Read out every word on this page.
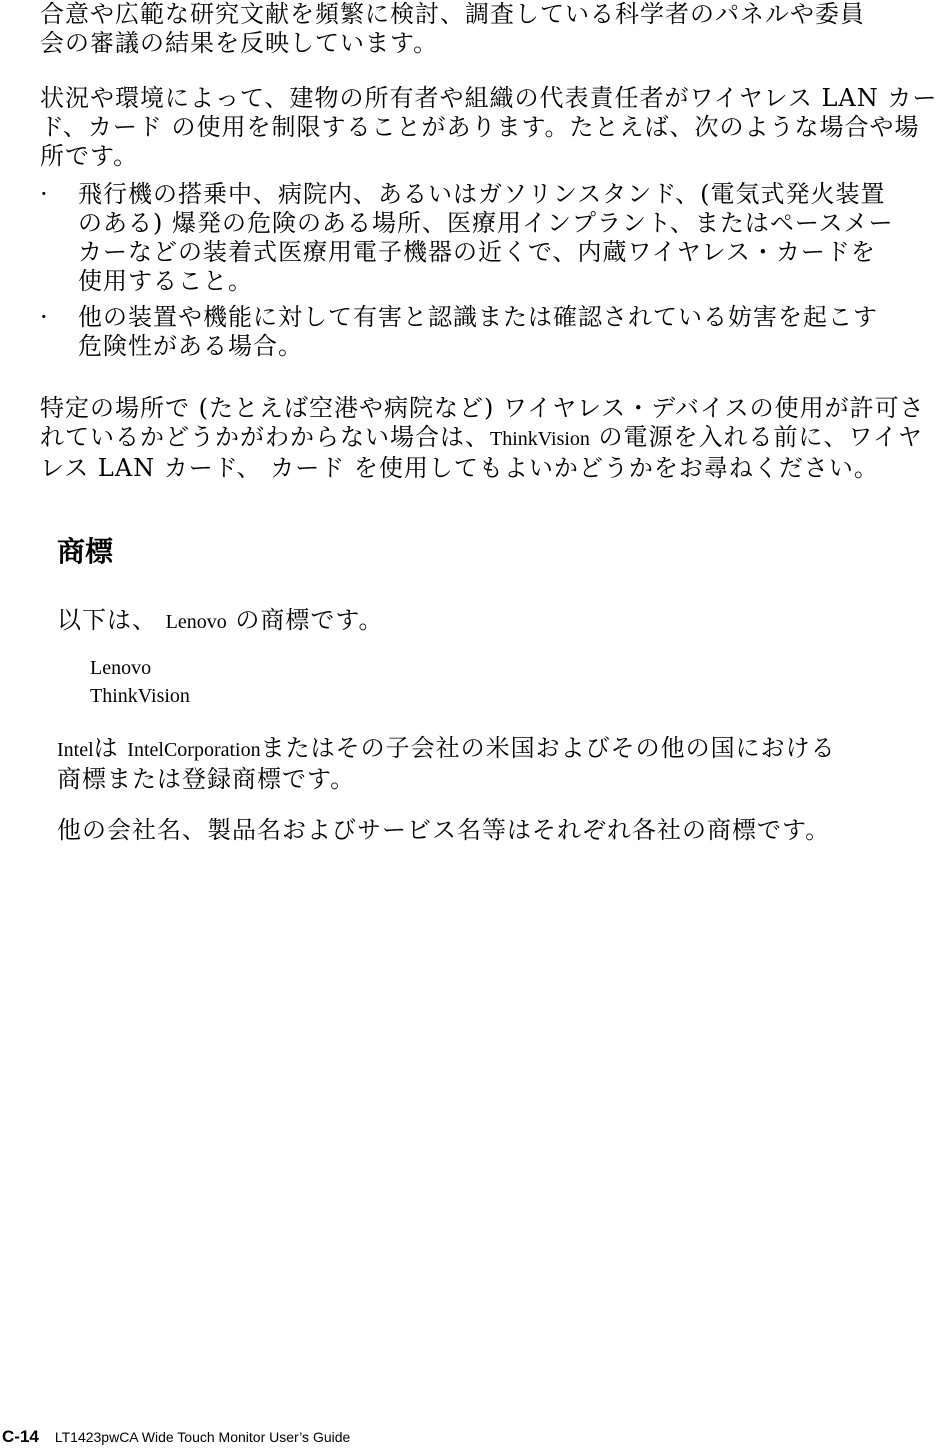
合意や広範な研究文献を頻繁に検討、調査している科学者のパネルや委員

会の審議の結果を反映しています。

状況や環境によって、建物の所有者や組織の代表責任者がワイヤレス LAN カー

ド、カード の使用を制限することがあります。たとえば、次のような場合や場

所です。

· 飛行機の搭乗中、病院内、あるいはガソリンスタンド、(電気式発火装置

のある) 爆発の危険のある場所、医療用インプラント、またはペースメー

カーなどの装着式医療用電子機器の近くで、内蔵ワイヤレス・カードを

使用すること。

· 他の装置や機能に対して有害と認識または確認されている妨害を起こす

危険性がある場合。

特定の場所で (たとえば空港や病院など) ワイヤレス・デバイスの使用が許可さ

れているかどうかがわからない場合は、ThinkVision の電源を入れる前に、ワイヤ

レス LAN カード、 カード を使用してもよいかどうかをお尋ねください。

商標

以下は、 Lenovo の商標です。

Lenovo

ThinkVision

Intelは IntelCorporationまたはその子会社の米国およびその他の国における

商標または登録商標です。

他の会社名、製品名およびサービス名等はそれぞれ各社の商標です。

C-14 LT1423pwCA Wide Touch Monitor User’s Guide
